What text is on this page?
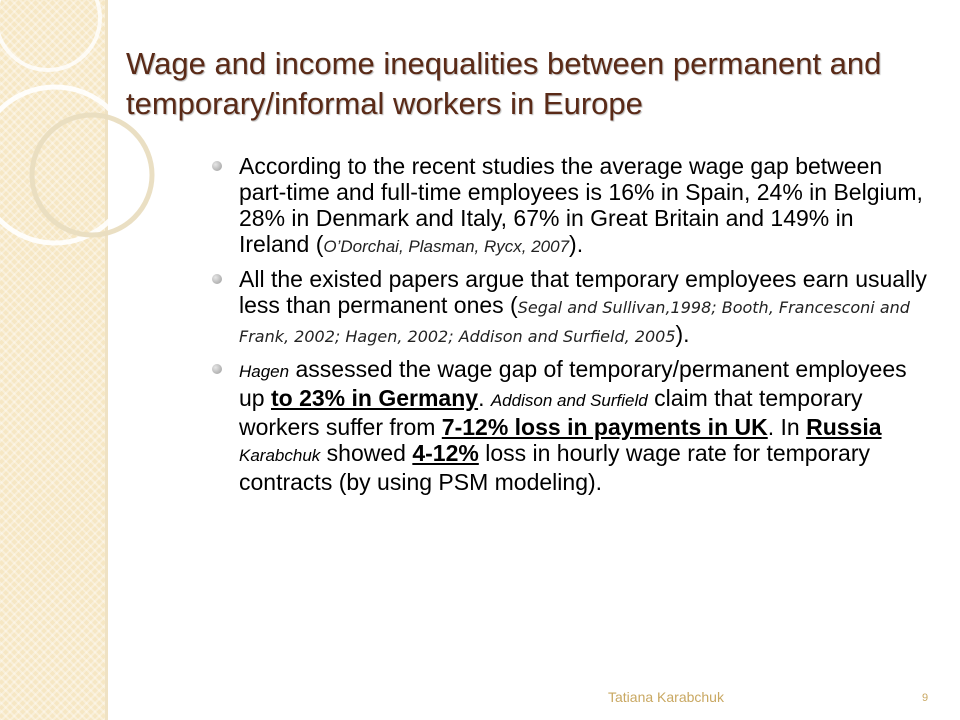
Wage and income inequalities between permanent and temporary/informal workers in Europe
According to the recent studies the average wage gap between part-time and full-time employees is 16% in Spain, 24% in Belgium, 28% in Denmark and Italy, 67% in Great Britain and 149% in Ireland (O’Dorchai, Plasman, Rycx, 2007).
All the existed papers argue that temporary employees earn usually less than permanent ones (Segal and Sullivan,1998; Booth, Francesconi and Frank, 2002; Hagen, 2002; Addison and Surfield, 2005).
Hagen assessed the wage gap of temporary/permanent employees up to 23% in Germany. Addison and Surfield claim that temporary workers suffer from 7-12% loss in payments in UK. In Russia Karabchuk showed 4-12% loss in hourly wage rate for temporary contracts (by using PSM modeling).
Tatiana Karabchuk	9
